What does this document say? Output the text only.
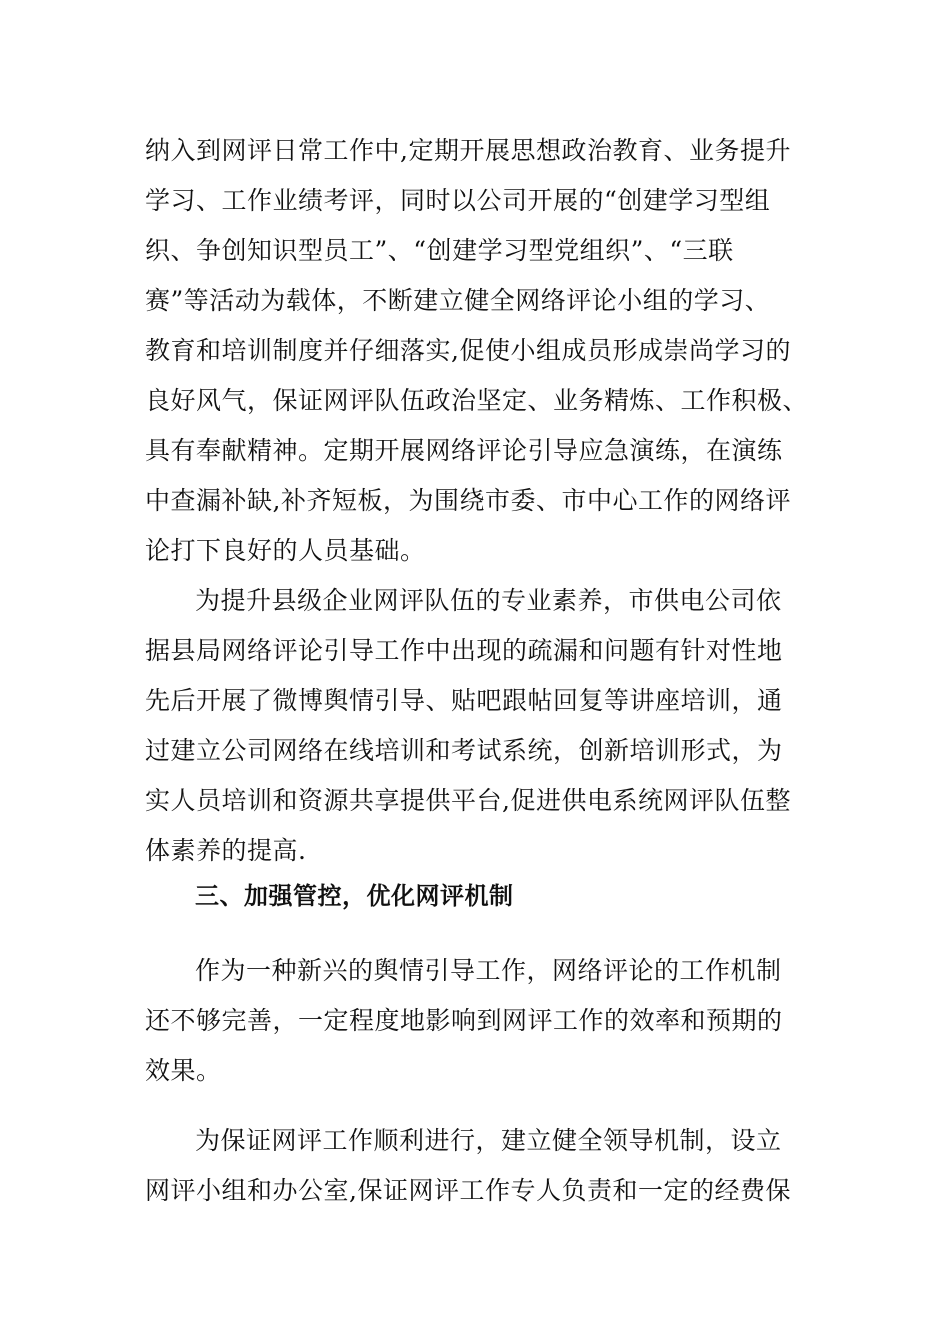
纳入到网评日常工作中,定期开展思想政治教育、业务提升
学习、工作业绩考评，同时以公司开展的“创建学习型组
织、争创知识型员工”、“创建学习型党组织”、“三联
赛”等活动为载体，不断建立健全网络评论小组的学习、
教育和培训制度并仔细落实,促使小组成员形成崇尚学习的
良好风气，保证网评队伍政治坚定、业务精炼、工作积极、
具有奉献精神。定期开展网络评论引导应急演练，在演练
中查漏补缺,补齐短板，为围绕市委、市中心工作的网络评
论打下良好的人员基础。
为提升县级企业网评队伍的专业素养，市供电公司依
据县局网络评论引导工作中出现的疏漏和问题有针对性地
先后开展了微博舆情引导、贴吧跟帖回复等讲座培训，通
过建立公司网络在线培训和考试系统，创新培训形式，为
实人员培训和资源共享提供平台,促进供电系统网评队伍整
体素养的提高.
三、加强管控，优化网评机制
作为一种新兴的舆情引导工作，网络评论的工作机制
还不够完善，一定程度地影响到网评工作的效率和预期的
效果。
为保证网评工作顺利进行，建立健全领导机制，设立
网评小组和办公室,保证网评工作专人负责和一定的经费保
